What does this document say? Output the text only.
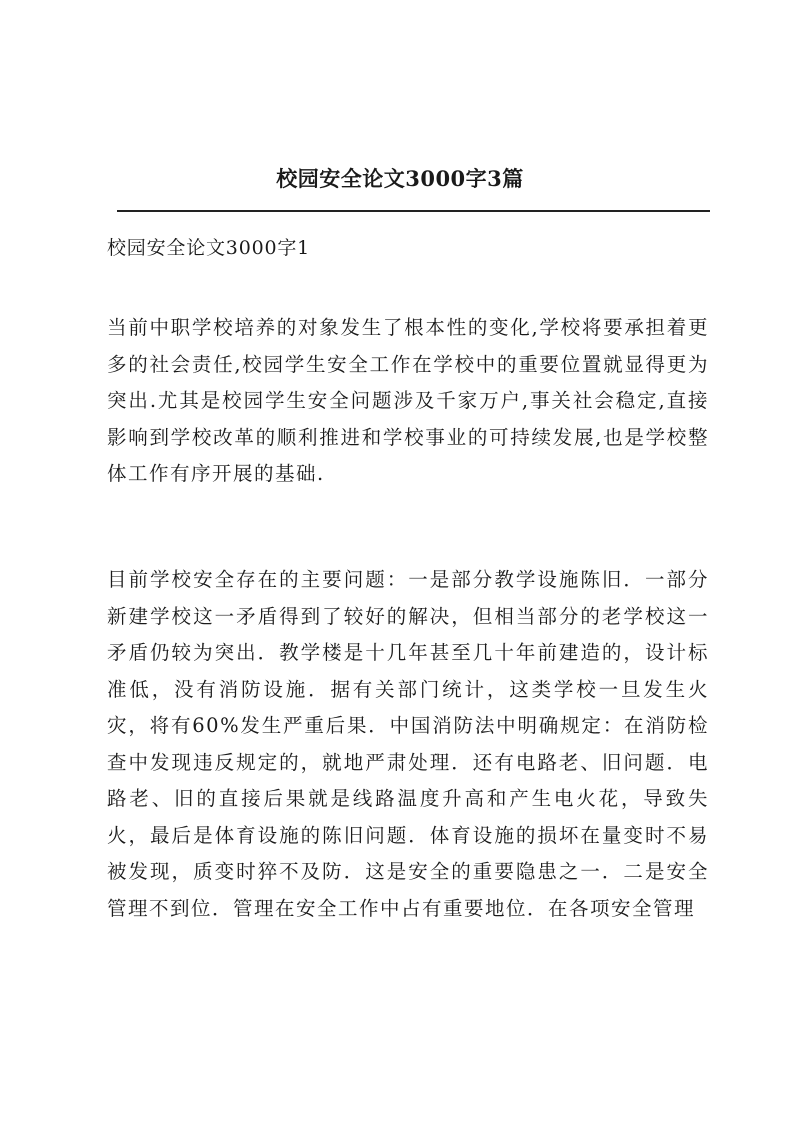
校园安全论文3000字3篇
校园安全论文3000字1

当前中职学校培养的对象发生了根本性的变化,学校将要承担着更多的社会责任,校园学生安全工作在学校中的重要位置就显得更为突出.尤其是校园学生安全问题涉及千家万户,事关社会稳定,直接影响到学校改革的顺利推进和学校事业的可持续发展,也是学校整体工作有序开展的基础.

目前学校安全存在的主要问题：一是部分教学设施陈旧．一部分新建学校这一矛盾得到了较好的解决，但相当部分的老学校这一矛盾仍较为突出．教学楼是十几年甚至几十年前建造的，设计标准低，没有消防设施．据有关部门统计，这类学校一旦发生火灾，将有60%发生严重后果．中国消防法中明确规定：在消防检查中发现违反规定的，就地严肃处理．还有电路老、旧问题．电路老、旧的直接后果就是线路温度升高和产生电火花，导致失火，最后是体育设施的陈旧问题．体育设施的损坏在量变时不易被发现，质变时猝不及防．这是安全的重要隐患之一．二是安全管理不到位．管理在安全工作中占有重要地位．在各项安全管理
